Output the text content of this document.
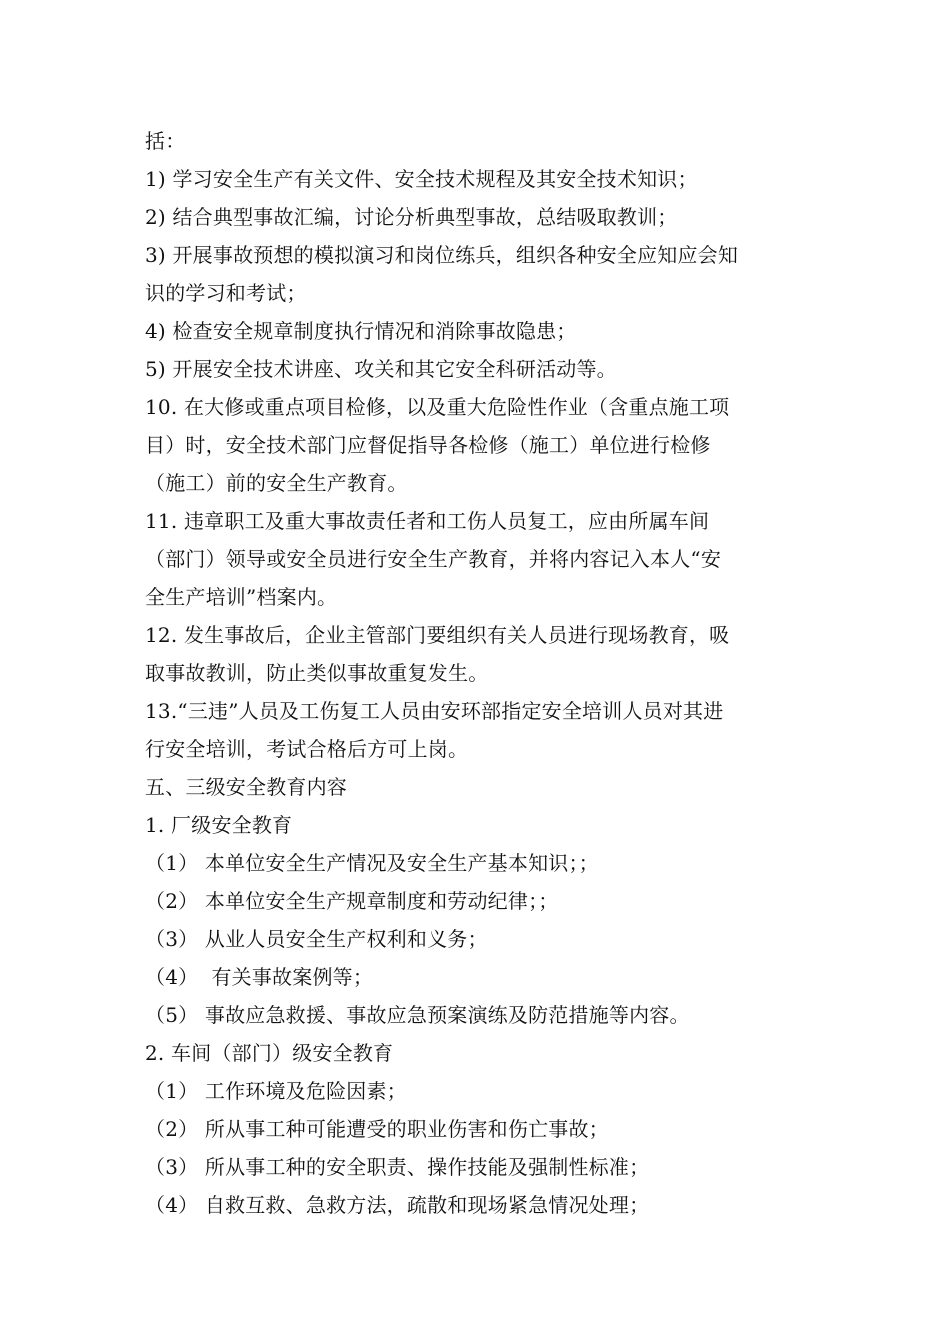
括：
1) 学习安全生产有关文件、安全技术规程及其安全技术知识；
2) 结合典型事故汇编，讨论分析典型事故，总结吸取教训；
3) 开展事故预想的模拟演习和岗位练兵，组织各种安全应知应会知
识的学习和考试；
4) 检查安全规章制度执行情况和消除事故隐患；
5) 开展安全技术讲座、攻关和其它安全科研活动等。
10. 在大修或重点项目检修，以及重大危险性作业（含重点施工项
目）时，安全技术部门应督促指导各检修（施工）单位进行检修
（施工）前的安全生产教育。
11. 违章职工及重大事故责任者和工伤人员复工，应由所属车间
（部门）领导或安全员进行安全生产教育，并将内容记入本人“安
全生产培训”档案内。
12. 发生事故后，企业主管部门要组织有关人员进行现场教育，吸
取事故教训，防止类似事故重复发生。
13.“三违”人员及工伤复工人员由安环部指定安全培训人员对其进
行安全培训，考试合格后方可上岗。
五、三级安全教育内容
1. 厂级安全教育
（1） 本单位安全生产情况及安全生产基本知识；；
（2） 本单位安全生产规章制度和劳动纪律；；
（3） 从业人员安全生产权利和义务；
（4）  有关事故案例等；
（5） 事故应急救援、事故应急预案演练及防范措施等内容。
2. 车间（部门）级安全教育
（1） 工作环境及危险因素；
（2） 所从事工种可能遭受的职业伤害和伤亡事故；
（3） 所从事工种的安全职责、操作技能及强制性标准；
（4） 自救互救、急救方法，疏散和现场紧急情况处理；
